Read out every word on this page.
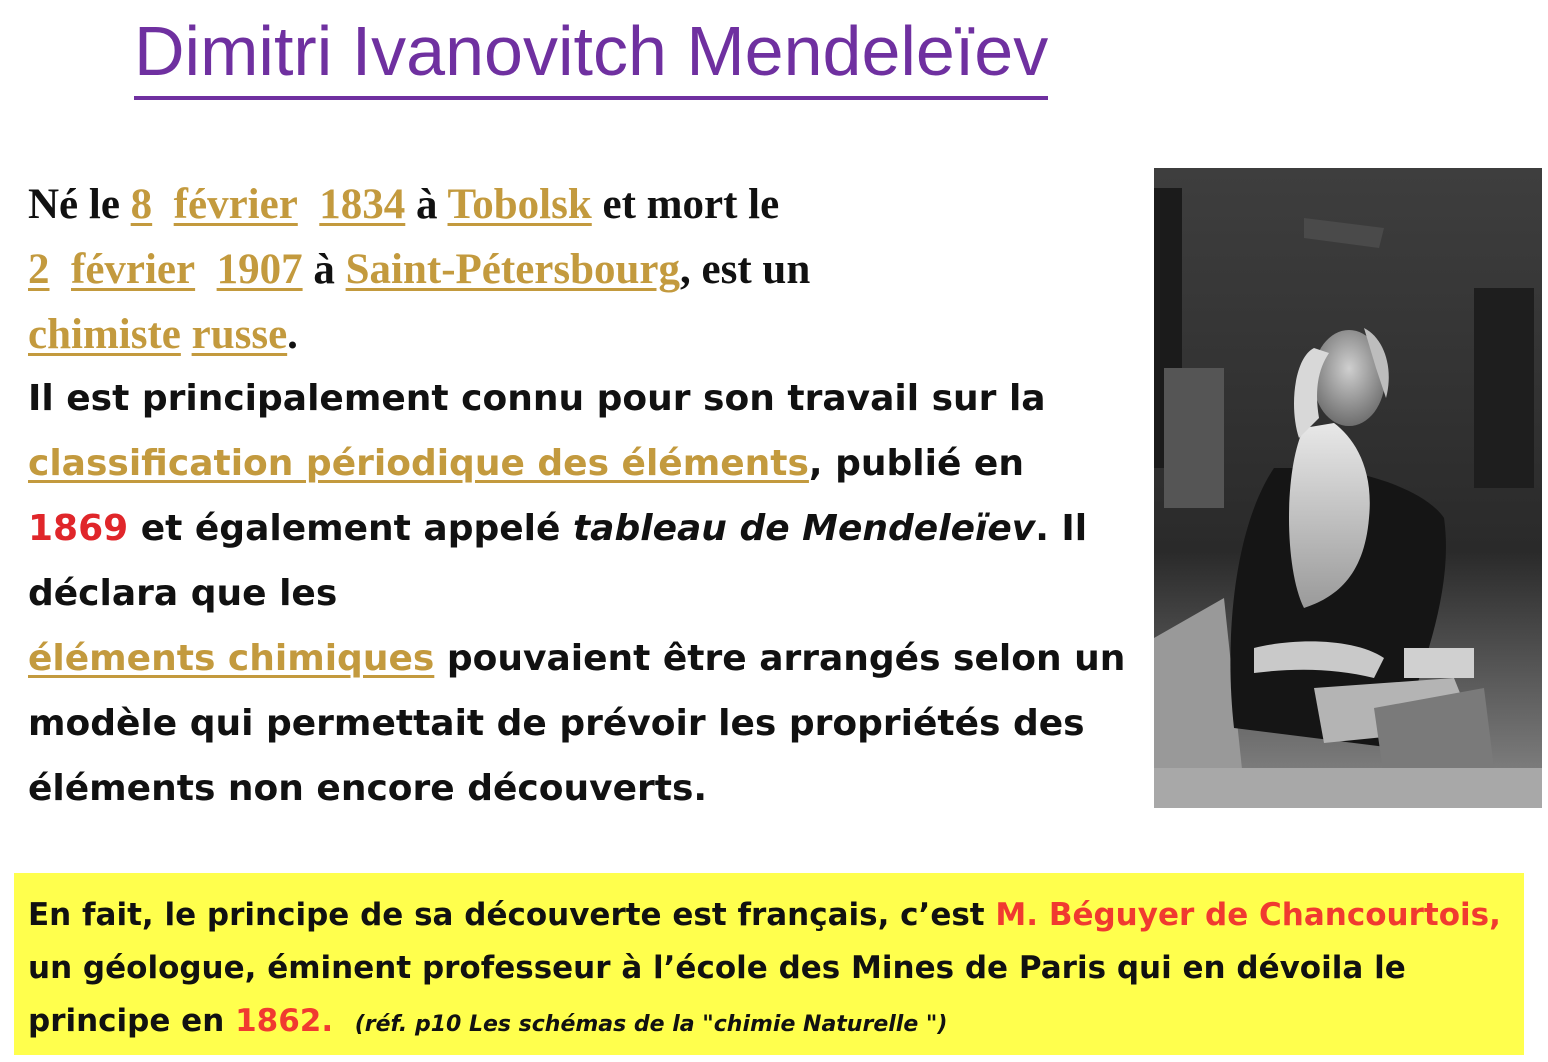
Dimitri Ivanovitch Mendeleïev
Né le 8 février 1834 à Tobolsk et mort le
2 février 1907 à Saint-Pétersbourg, est un
chimiste russe.
Il est principalement connu pour son travail sur la classification périodique des éléments, publié en
1869 et également appelé tableau de Mendeleïev. Il déclara que les
éléments chimiques pouvaient être arrangés selon un modèle qui permettait de prévoir les propriétés des éléments non encore découverts.
En fait, le principe de sa découverte est français, c’est M. Béguyer de Chancourtois, un géologue, éminent professeur à l’école des Mines de Paris qui en dévoila le principe en 1862. (réf. p10 Les schémas de la "chimie Naturelle ")
